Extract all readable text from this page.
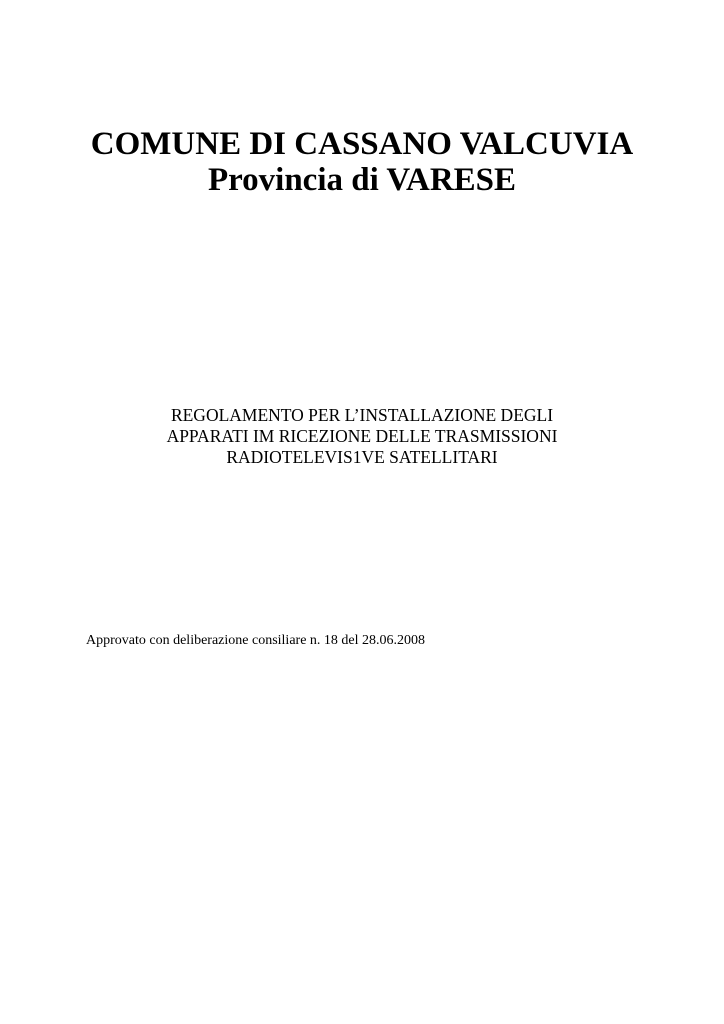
COMUNE DI CASSANO VALCUVIA
Provincia di VARESE

REGOLAMENTO PER L’INSTALLAZIONE DEGLI

APPARATI IM RICEZIONE DELLE TRASMISSIONI

RADIOTELEVIS1VE SATELLITARI

Approvato con deliberazione consiliare n. 18 del 28.06.2008
